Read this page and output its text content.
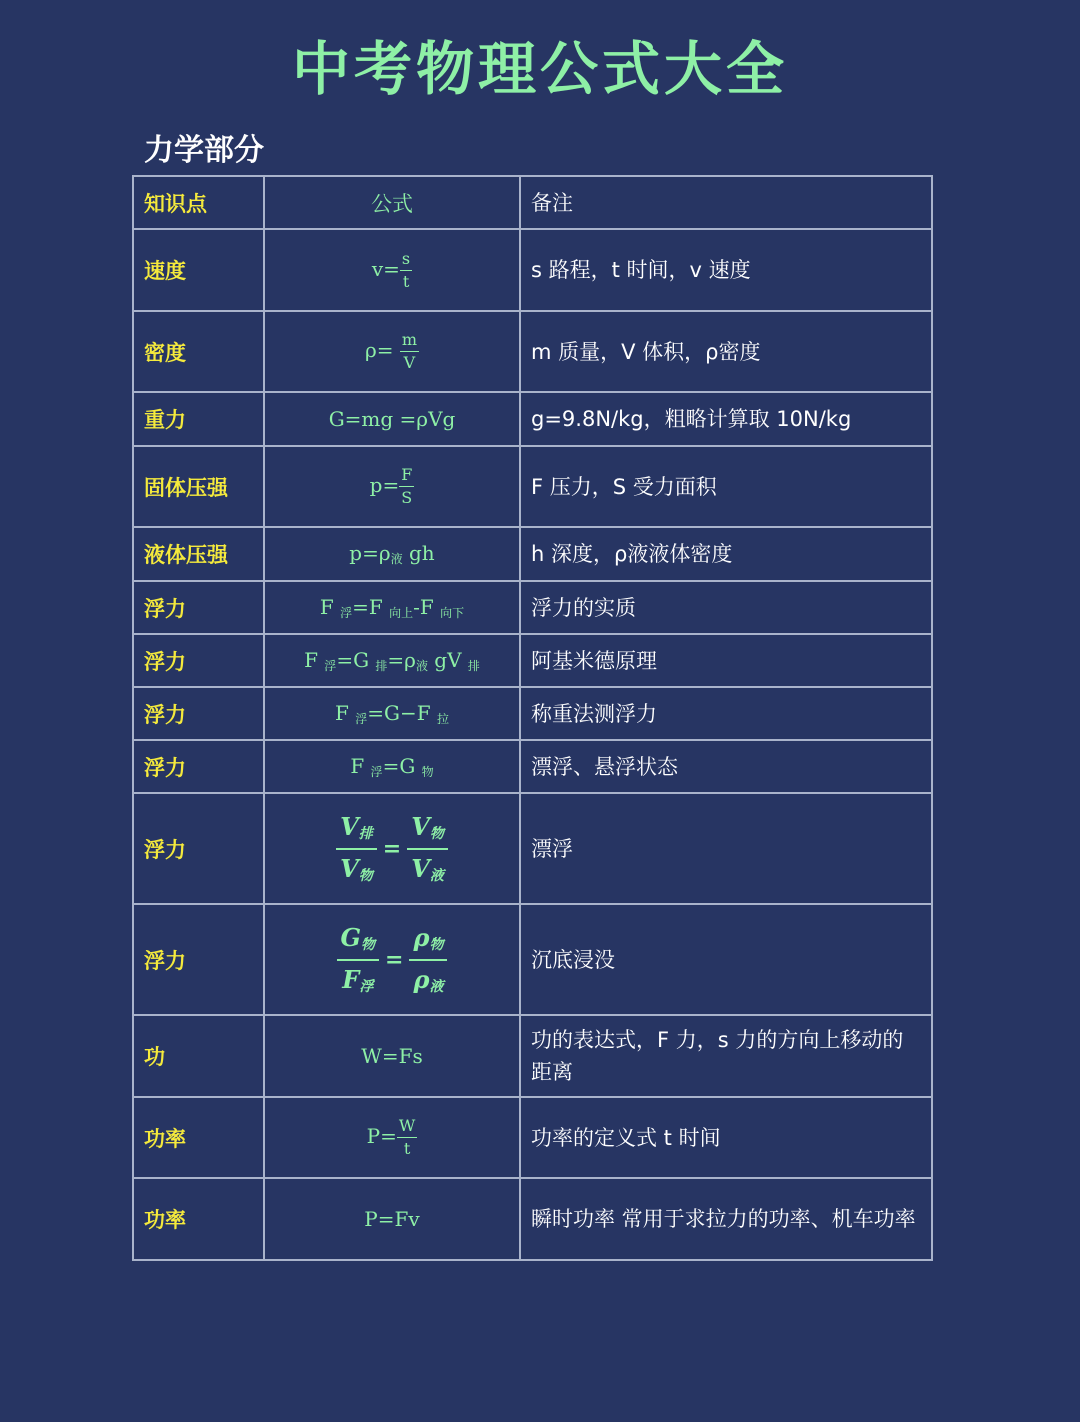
中考物理公式大全
力学部分
知识点	公式	备注
速度	$v= \frac{s}{t}$	s 路程，t 时间，v 速度
密度	$\rho= \frac{m}{V}$	m 质量，V 体积，ρ密度
重力	G=mg =ρVg	g=9.8N/kg，粗略计算取 10N/kg
固体压强	$p= \frac{F}{S}$	F 压力，S 受力面积
液体压强	$p=\rho_液$ gh	h 深度，ρ液液体密度
浮力	F $_浮$=F $_{向上}$-F $_{向下}$	浮力的实质
浮力	F $_浮$=G $_排=\rho_液$ gV $_排$	阿基米德原理
浮力	F $_浮$=G−F $_拉$	称重法测浮力
浮力	F $_浮$=G $_物$	漂浮、悬浮状态
浮力	$\frac{V_排}{V_物} = \frac{V_物}{V_液}$	漂浮
浮力	$\frac{G_物}{F_浮} = \frac{\rho_物}{\rho_液}$	沉底浸没
功	W=Fs	功的表达式，F 力，s 力的方向上移动的距离
功率	$P= \frac{W}{t}$	功率的定义式 t 时间
功率	P=Fv	瞬时功率 常用于求拉力的功率、机车功率
